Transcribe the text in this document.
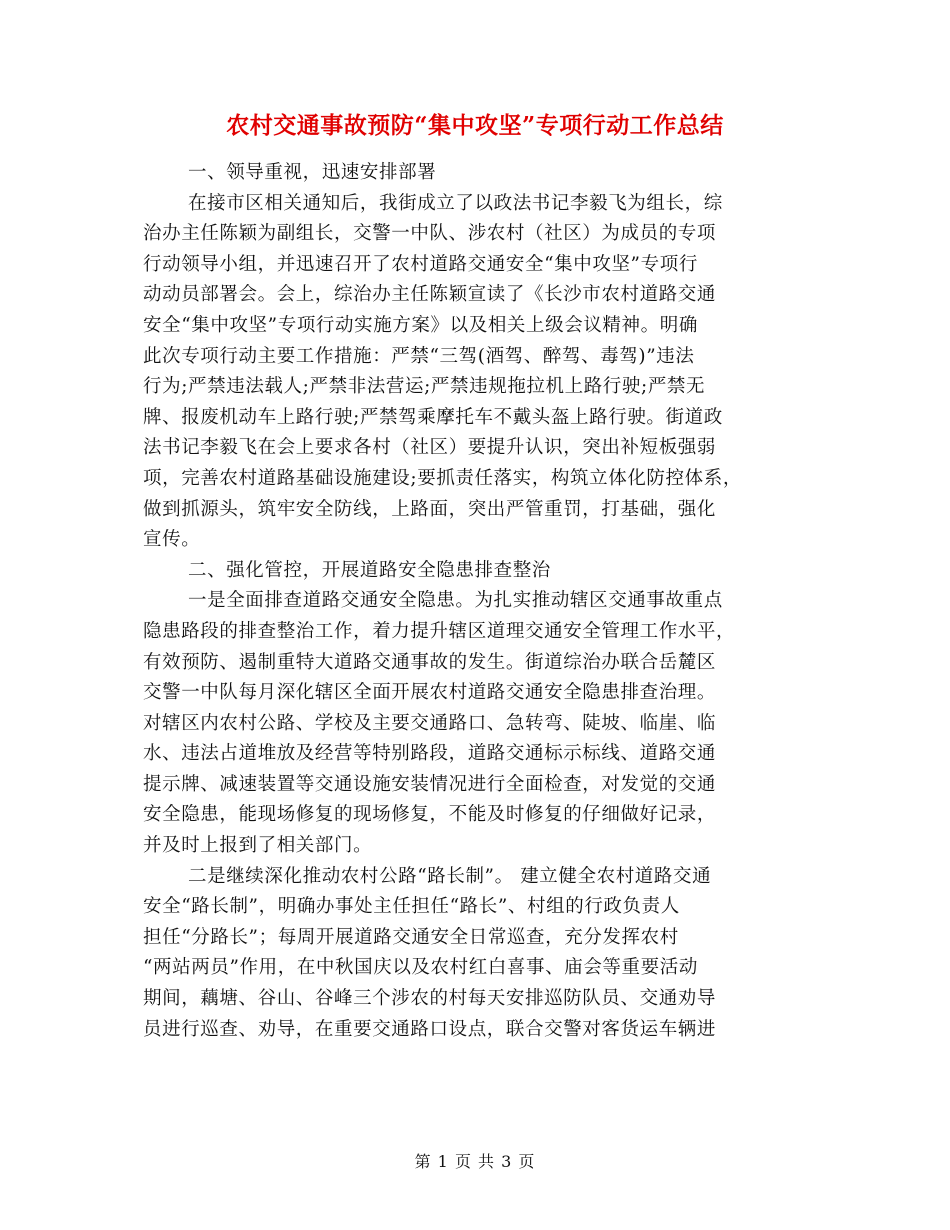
农村交通事故预防“集中攻坚”专项行动工作总结
一、领导重视，迅速安排部署
在接市区相关通知后，我街成立了以政法书记李毅飞为组长，综
治办主任陈颖为副组长，交警一中队、涉农村（社区）为成员的专项
行动领导小组，并迅速召开了农村道路交通安全“集中攻坚”专项行
动动员部署会。会上，综治办主任陈颖宣读了《长沙市农村道路交通
安全“集中攻坚”专项行动实施方案》以及相关上级会议精神。明确
此次专项行动主要工作措施：严禁“三驾(酒驾、醉驾、毒驾)”违法
行为;严禁违法载人;严禁非法营运;严禁违规拖拉机上路行驶;严禁无
牌、报废机动车上路行驶;严禁驾乘摩托车不戴头盔上路行驶。街道政
法书记李毅飞在会上要求各村（社区）要提升认识，突出补短板强弱
项，完善农村道路基础设施建设;要抓责任落实，构筑立体化防控体系，
做到抓源头，筑牢安全防线，上路面，突出严管重罚，打基础，强化
宣传。
二、强化管控，开展道路安全隐患排查整治
一是全面排查道路交通安全隐患。为扎实推动辖区交通事故重点
隐患路段的排查整治工作，着力提升辖区道理交通安全管理工作水平，
有效预防、遏制重特大道路交通事故的发生。街道综治办联合岳麓区
交警一中队每月深化辖区全面开展农村道路交通安全隐患排查治理。
对辖区内农村公路、学校及主要交通路口、急转弯、陡坡、临崖、临
水、违法占道堆放及经营等特别路段，道路交通标示标线、道路交通
提示牌、减速装置等交通设施安装情况进行全面检查，对发觉的交通
安全隐患，能现场修复的现场修复，不能及时修复的仔细做好记录，
并及时上报到了相关部门。
二是继续深化推动农村公路“路长制”。 建立健全农村道路交通
安全“路长制”，明确办事处主任担任“路长”、村组的行政负责人
担任“分路长”；每周开展道路交通安全日常巡查，充分发挥农村
“两站两员”作用，在中秋国庆以及农村红白喜事、庙会等重要活动
期间，藕塘、谷山、谷峰三个涉农的村每天安排巡防队员、交通劝导
员进行巡查、劝导，在重要交通路口设点，联合交警对客货运车辆进
第 1 页 共 3 页
